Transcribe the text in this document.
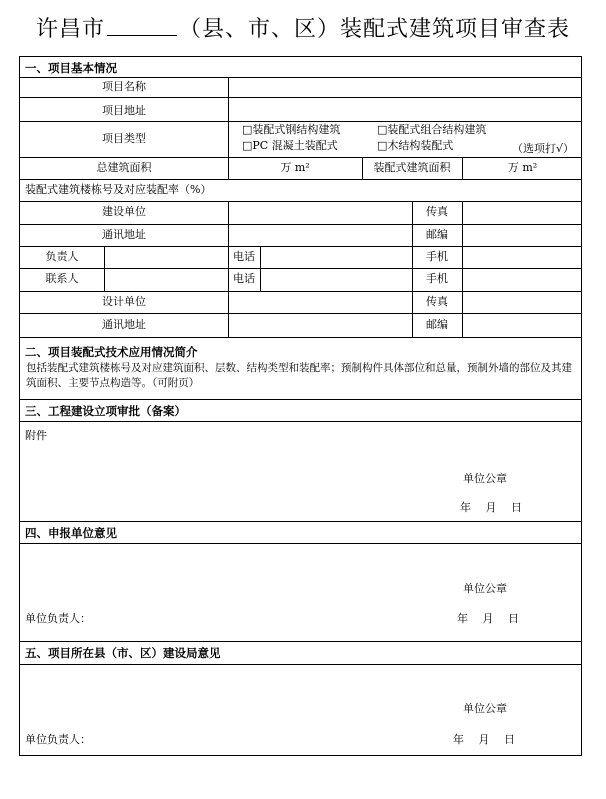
许昌市	（县、市、区）装配式建筑项目审查表
一、项目基本情况
项目名称
项目地址
项目类型
□装配式钢结构建筑	□装配式组合结构建筑
□PC 混凝土装配式	□木结构装配式	（选项打√）
总建筑面积	万 m²	装配式建筑面积	万 m²
装配式建筑楼栋号及对应装配率（%）
建设单位	传真
通讯地址	邮编
负责人	电话	手机
联系人	电话	手机
设计单位	传真
通讯地址	邮编
二、项目装配式技术应用情况简介
包括装配式建筑楼栋号及对应建筑面积、层数、结构类型和装配率；预制构件具体部位和总量，预制外墙的部位及其建筑面积、主要节点构造等。（可附页）
三、工程建设立项审批（备案）
附件
单位公章
年　 月　 日
四、申报单位意见
单位公章
单位负责人：	年　 月　 日
五、项目所在县（市、区）建设局意见
单位公章
单位负责人：	年　 月　 日
